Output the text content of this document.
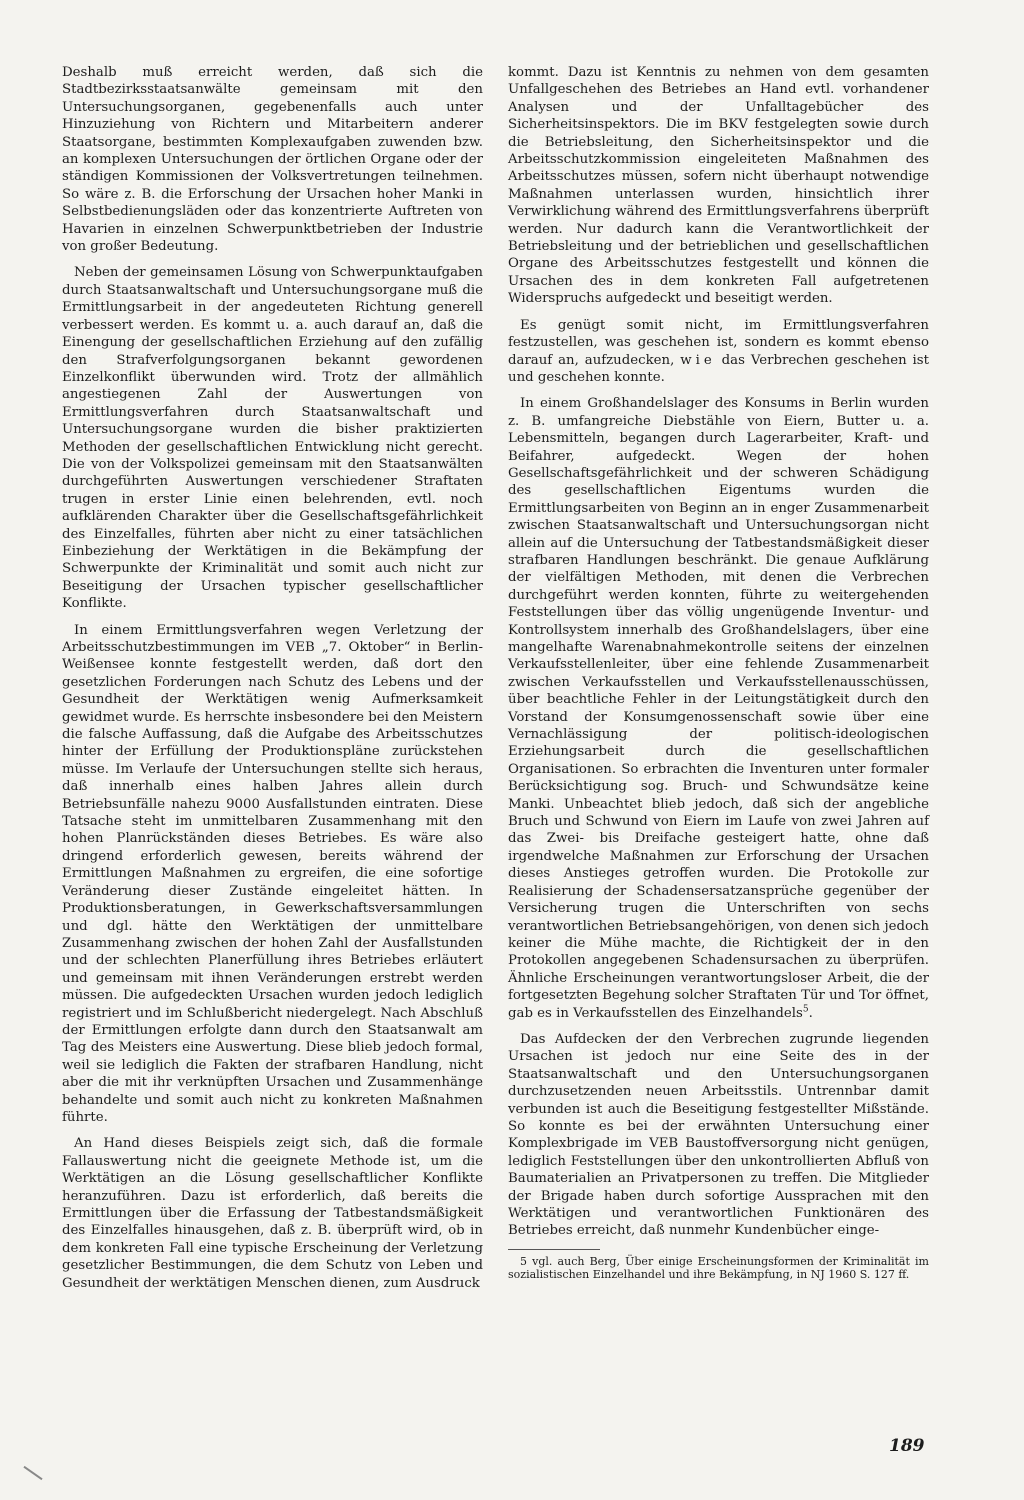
Deshalb muß erreicht werden, daß sich die Stadtbezirksstaatsanwälte gemeinsam mit den Untersuchungsorganen, gegebenenfalls auch unter Hinzuziehung von Richtern und Mitarbeitern anderer Staatsorgane, bestimmten Komplexaufgaben zuwenden bzw. an komplexen Untersuchungen der örtlichen Organe oder der ständigen Kommissionen der Volksvertretungen teilnehmen. So wäre z. B. die Erforschung der Ursachen hoher Manki in Selbstbedienungsläden oder das konzentrierte Auftreten von Havarien in einzelnen Schwerpunktbetrieben der Industrie von großer Bedeutung.

Neben der gemeinsamen Lösung von Schwerpunktaufgaben durch Staatsanwaltschaft und Untersuchungsorgane muß die Ermittlungsarbeit in der angedeuteten Richtung generell verbessert werden. Es kommt u. a. auch darauf an, daß die Einengung der gesellschaftlichen Erziehung auf den zufällig den Strafverfolgungsorganen bekannt gewordenen Einzelkonflikt überwunden wird. Trotz der allmählich angestiegenen Zahl der Auswertungen von Ermittlungsverfahren durch Staatsanwaltschaft und Untersuchungsorgane wurden die bisher praktizierten Methoden der gesellschaftlichen Entwicklung nicht gerecht. Die von der Volkspolizei gemeinsam mit den Staatsanwälten durchgeführten Auswertungen verschiedener Straftaten trugen in erster Linie einen belehrenden, evtl. noch aufklärenden Charakter über die Gesellschaftsgefährlichkeit des Einzelfalles, führten aber nicht zu einer tatsächlichen Einbeziehung der Werktätigen in die Bekämpfung der Schwerpunkte der Kriminalität und somit auch nicht zur Beseitigung der Ursachen typischer gesellschaftlicher Konflikte.

In einem Ermittlungsverfahren wegen Verletzung der Arbeitsschutzbestimmungen im VEB „7. Oktober“ in Berlin-Weißensee konnte festgestellt werden, daß dort den gesetzlichen Forderungen nach Schutz des Lebens und der Gesundheit der Werktätigen wenig Aufmerksamkeit gewidmet wurde. Es herrschte insbesondere bei den Meistern die falsche Auffassung, daß die Aufgabe des Arbeitsschutzes hinter der Erfüllung der Produktionspläne zurückstehen müsse. Im Verlaufe der Untersuchungen stellte sich heraus, daß innerhalb eines halben Jahres allein durch Betriebsunfälle nahezu 9000 Ausfallstunden eintraten. Diese Tatsache steht im unmittelbaren Zusammenhang mit den hohen Planrückständen dieses Betriebes. Es wäre also dringend erforderlich gewesen, bereits während der Ermittlungen Maßnahmen zu ergreifen, die eine sofortige Veränderung dieser Zustände eingeleitet hätten. In Produktionsberatungen, in Gewerkschaftsversammlungen und dgl. hätte den Werktätigen der unmittelbare Zusammenhang zwischen der hohen Zahl der Ausfallstunden und der schlechten Planerfüllung ihres Betriebes erläutert und gemeinsam mit ihnen Veränderungen erstrebt werden müssen. Die aufgedeckten Ursachen wurden jedoch lediglich registriert und im Schlußbericht niedergelegt. Nach Abschluß der Ermittlungen erfolgte dann durch den Staatsanwalt am Tag des Meisters eine Auswertung. Diese blieb jedoch formal, weil sie lediglich die Fakten der strafbaren Handlung, nicht aber die mit ihr verknüpften Ursachen und Zusammenhänge behandelte und somit auch nicht zu konkreten Maßnahmen führte.

An Hand dieses Beispiels zeigt sich, daß die formale Fallauswertung nicht die geeignete Methode ist, um die Werktätigen an die Lösung gesellschaftlicher Konflikte heranzuführen. Dazu ist erforderlich, daß bereits die Ermittlungen über die Erfassung der Tatbestandsmäßigkeit des Einzelfalles hinausgehen, daß z. B. überprüft wird, ob in dem konkreten Fall eine typische Erscheinung der Verletzung gesetzlicher Bestimmungen, die dem Schutz von Leben und Gesundheit der werktätigen Menschen dienen, zum Ausdruck

kommt. Dazu ist Kenntnis zu nehmen von dem gesamten Unfallgeschehen des Betriebes an Hand evtl. vorhandener Analysen und der Unfalltagebücher des Sicherheitsinspektors. Die im BKV festgelegten sowie durch die Betriebsleitung, den Sicherheitsinspektor und die Arbeitsschutzkommission eingeleiteten Maßnahmen des Arbeitsschutzes müssen, sofern nicht überhaupt notwendige Maßnahmen unterlassen wurden, hinsichtlich ihrer Verwirklichung während des Ermittlungsverfahrens überprüft werden. Nur dadurch kann die Verantwortlichkeit der Betriebsleitung und der betrieblichen und gesellschaftlichen Organe des Arbeitsschutzes festgestellt und können die Ursachen des in dem konkreten Fall aufgetretenen Widerspruchs aufgedeckt und beseitigt werden.

Es genügt somit nicht, im Ermittlungsverfahren festzustellen, was geschehen ist, sondern es kommt ebenso darauf an, aufzudecken, wie das Verbrechen geschehen ist und geschehen konnte.

In einem Großhandelslager des Konsums in Berlin wurden z. B. umfangreiche Diebstähle von Eiern, Butter u. a. Lebensmitteln, begangen durch Lagerarbeiter, Kraft- und Beifahrer, aufgedeckt. Wegen der hohen Gesellschaftsgefährlichkeit und der schweren Schädigung des gesellschaftlichen Eigentums wurden die Ermittlungsarbeiten von Beginn an in enger Zusammenarbeit zwischen Staatsanwaltschaft und Untersuchungsorgan nicht allein auf die Untersuchung der Tatbestandsmäßigkeit dieser strafbaren Handlungen beschränkt. Die genaue Aufklärung der vielfältigen Methoden, mit denen die Verbrechen durchgeführt werden konnten, führte zu weitergehenden Feststellungen über das völlig ungenügende Inventur- und Kontrollsystem innerhalb des Großhandelslagers, über eine mangelhafte Warenabnahmekontrolle seitens der einzelnen Verkaufsstellenleiter, über eine fehlende Zusammenarbeit zwischen Verkaufsstellen und Verkaufsstellenausschüssen, über beachtliche Fehler in der Leitungstätigkeit durch den Vorstand der Konsumgenossenschaft sowie über eine Vernachlässigung der politisch-ideologischen Erziehungsarbeit durch die gesellschaftlichen Organisationen. So erbrachten die Inventuren unter formaler Berücksichtigung sog. Bruch- und Schwundsätze keine Manki. Unbeachtet blieb jedoch, daß sich der angebliche Bruch und Schwund von Eiern im Laufe von zwei Jahren auf das Zwei- bis Dreifache gesteigert hatte, ohne daß irgendwelche Maßnahmen zur Erforschung der Ursachen dieses Anstieges getroffen wurden. Die Protokolle zur Realisierung der Schadensersatzansprüche gegenüber der Versicherung trugen die Unterschriften von sechs verantwortlichen Betriebsangehörigen, von denen sich jedoch keiner die Mühe machte, die Richtigkeit der in den Protokollen angegebenen Schadensursachen zu überprüfen. Ähnliche Erscheinungen verantwortungsloser Arbeit, die der fortgesetzten Begehung solcher Straftaten Tür und Tor öffnet, gab es in Verkaufsstellen des Einzelhandels$^5$.

Das Aufdecken der den Verbrechen zugrunde liegenden Ursachen ist jedoch nur eine Seite des in der Staatsanwaltschaft und den Untersuchungsorganen durchzusetzenden neuen Arbeitsstils. Untrennbar damit verbunden ist auch die Beseitigung festgestellter Mißstände. So konnte es bei der erwähnten Untersuchung einer Komplexbrigade im VEB Baustoffversorgung nicht genügen, lediglich Feststellungen über den unkontrollierten Abfluß von Baumaterialien an Privatpersonen zu treffen. Die Mitglieder der Brigade haben durch sofortige Aussprachen mit den Werktätigen und verantwortlichen Funktionären des Betriebes erreicht, daß nunmehr Kundenbücher einge-

5 vgl. auch Berg, Über einige Erscheinungsformen der Kriminalität im sozialistischen Einzelhandel und ihre Bekämpfung, in NJ 1960 S. 127 ff.

189
